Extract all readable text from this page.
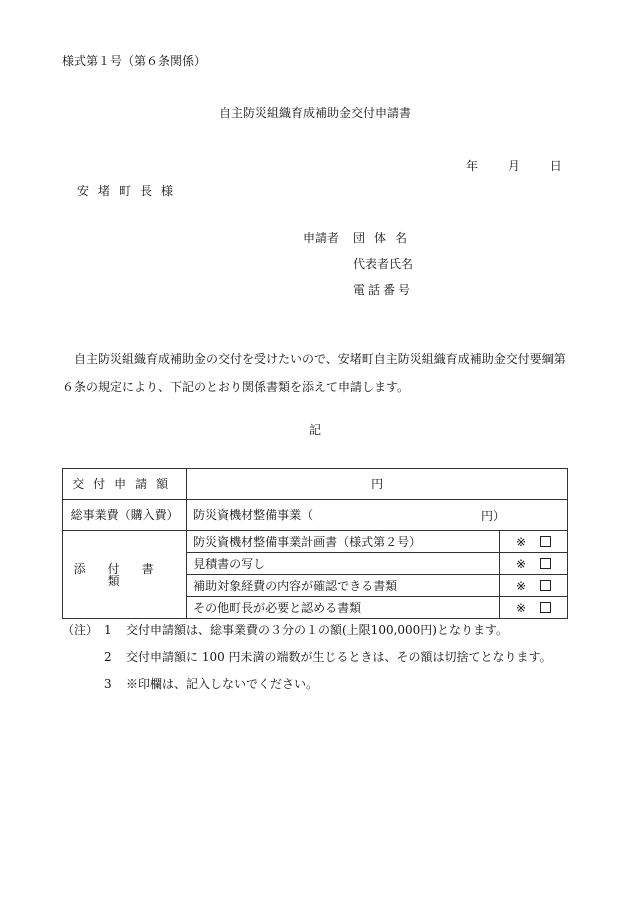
様式第１号（第６条関係）
自主防災組織育成補助金交付申請書
年 月 日
安堵町長様
申請者 団体名
代表者氏名
電話番号
自主防災組織育成補助金の交付を受けたいので、安堵町自主防災組織育成補助金交付要綱第６条の規定により、下記のとおり関係書類を添えて申請します。
記
交付申請額	円	
総事業費（購入費）	防災資機材整備事業（ 円）	

添付書類	防災資機材整備事業計画書（様式第２号）	※
	見積書の写し	※
	補助対象経費の内容が確認できる書類	※
	その他町長が必要と認める書類	※
（注） 1 交付申請額は、総事業費の３分の１の額(上限100,000円)となります。
2 交付申請額に 100 円未満の端数が生じるときは、その額は切捨てとなります。
3 ※印欄は、記入しないでください。
